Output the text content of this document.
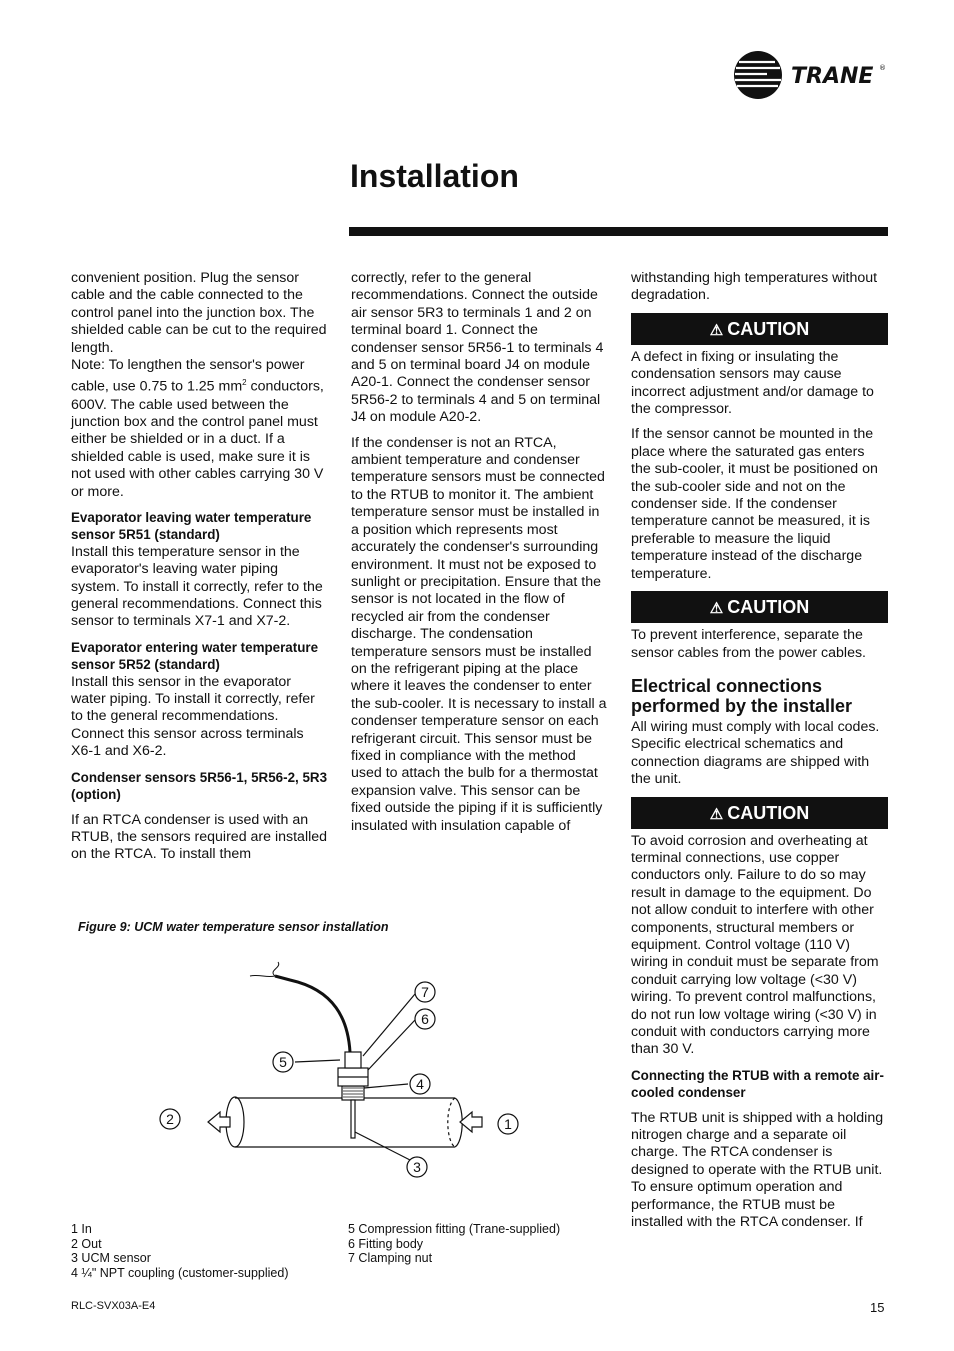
TRANE ®
Installation

convenient position. Plug the sensor cable and the cable connected to the control panel into the junction box. The shielded cable can be cut to the required length.

Note: To lengthen the sensor's power cable, use 0.75 to 1.25 $mm^2$ conductors, 600V. The cable used between the junction box and the control panel must either be shielded or in a duct. If a shielded cable is used, make sure it is not used with other cables carrying 30 V or more.

Evaporator leaving water temperature sensor 5R51 (standard)

Install this temperature sensor in the evaporator's leaving water piping system. To install it correctly, refer to the general recommendations. Connect this sensor to terminals X7-1 and X7-2.

Evaporator entering water temperature sensor 5R52 (standard)

Install this sensor in the evaporator water piping. To install it correctly, refer to the general recommendations. Connect this sensor across terminals X6-1 and X6-2.

Condenser sensors 5R56-1, 5R56-2, 5R3 (option)

If an RTCA condenser is used with an RTUB, the sensors required are installed on the RTCA. To install them

correctly, refer to the general recommendations. Connect the outside air sensor 5R3 to terminals 1 and 2 on terminal board 1. Connect the condenser sensor 5R56-1 to terminals 4 and 5 on terminal board J4 on module A20-1. Connect the condenser sensor 5R56-2 to terminals 4 and 5 on terminal J4 on module A20-2.

If the condenser is not an RTCA, ambient temperature and condenser temperature sensors must be connected to the RTUB to monitor it. The ambient temperature sensor must be installed in a position which represents most accurately the condenser's surrounding environment. It must not be exposed to sunlight or precipitation. Ensure that the sensor is not located in the flow of recycled air from the condenser discharge. The condensation temperature sensors must be installed on the refrigerant piping at the place where it leaves the condenser to enter the sub-cooler. It is necessary to install a condenser temperature sensor on each refrigerant circuit. This sensor must be fixed in compliance with the method used to attach the bulb for a thermostat expansion valve. This sensor can be fixed outside the piping if it is sufficiently insulated with insulation capable of

withstanding high temperatures without degradation.

⚠ CAUTION

A defect in fixing or insulating the condensation sensors may cause incorrect adjustment and/or damage to the compressor.

If the sensor cannot be mounted in the place where the saturated gas enters the sub-cooler, it must be positioned on the sub-cooler side and not on the condenser side. If the condenser temperature cannot be measured, it is preferable to measure the liquid temperature instead of the discharge temperature.

⚠ CAUTION

To prevent interference, separate the sensor cables from the power cables.

Electrical connections performed by the installer

All wiring must comply with local codes. Specific electrical schematics and connection diagrams are shipped with the unit.

⚠ CAUTION

To avoid corrosion and overheating at terminal connections, use copper conductors only. Failure to do so may result in damage to the equipment. Do not allow conduit to interfere with other components, structural members or equipment. Control voltage (110 V) wiring in conduit must be separate from conduit carrying low voltage (<30 V) wiring. To prevent control malfunctions, do not run low voltage wiring (<30 V) in conduit with conductors carrying more than 30 V.

Connecting the RTUB with a remote air-cooled condenser

The RTUB unit is shipped with a holding nitrogen charge and a separate oil charge. The RTCA condenser is designed to operate with the RTUB unit. To ensure optimum operation and performance, the RTUB must be installed with the RTCA condenser. If

Figure 9: UCM water temperature sensor installation
7
6
5
4
2	1
3
1 In
2 Out
3 UCM sensor
4 ¼" NPT coupling (customer-supplied)
5 Compression fitting (Trane-supplied)
6 Fitting body
7 Clamping nut
RLC-SVX03A-E4	15
